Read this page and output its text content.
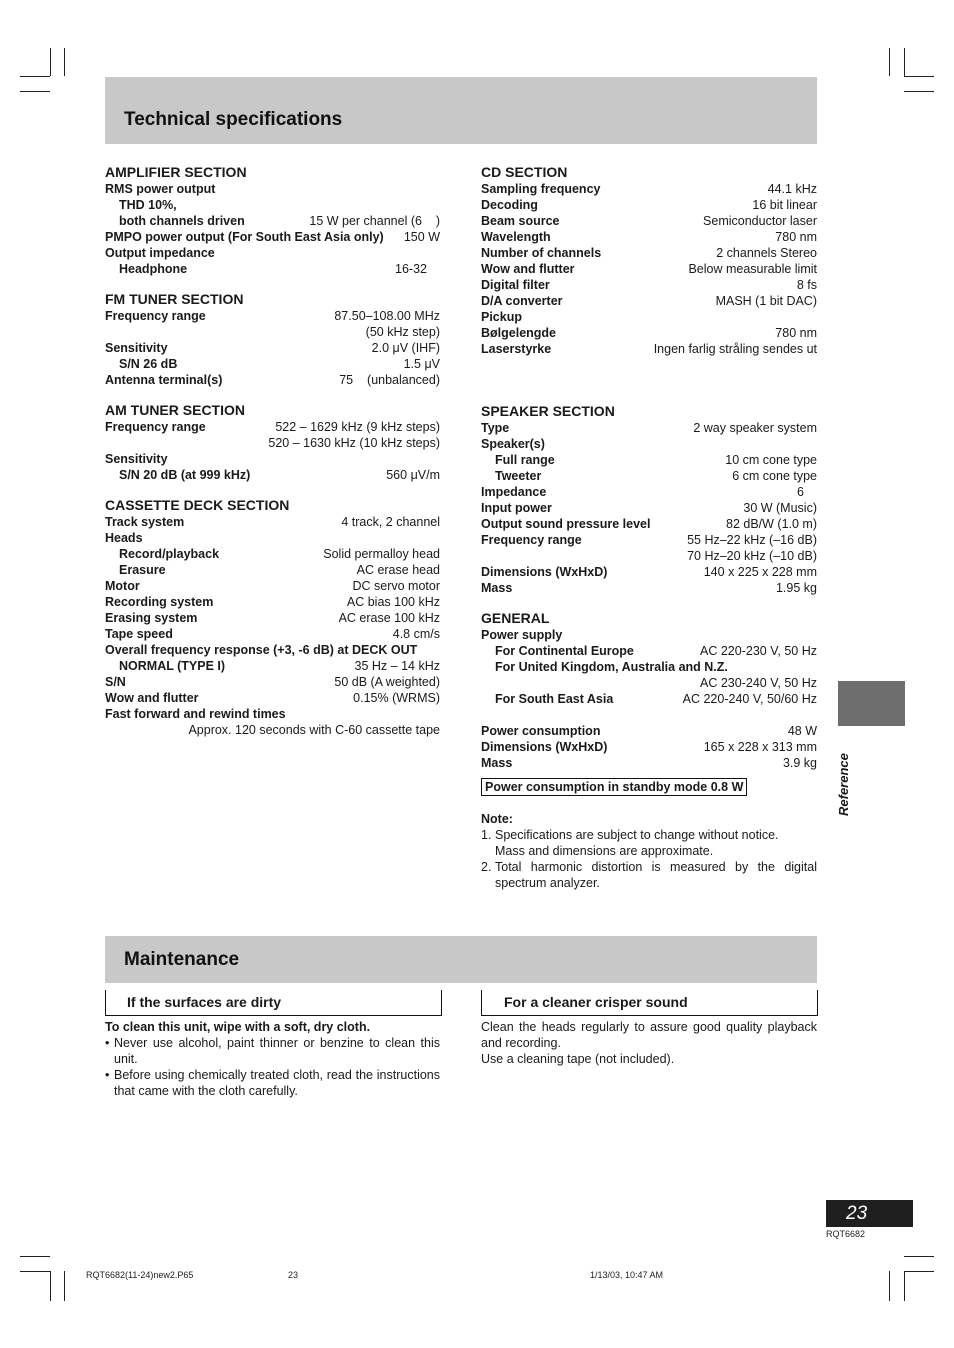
Technical specifications
AMPLIFIER SECTION
RMS power output
THD 10%,
both channels driven	15 W per channel (6    )
PMPO power output (For South East Asia only) 150 W
Output impedance
Headphone	16-32
FM TUNER SECTION
Frequency range	87.50–108.00 MHz
(50 kHz step)
Sensitivity	2.0 μV (IHF)
S/N 26 dB	1.5 μV
Antenna terminal(s)	75    (unbalanced)
AM TUNER SECTION
Frequency range	522 – 1629 kHz (9 kHz steps)
520 – 1630 kHz (10 kHz steps)
Sensitivity
S/N 20 dB (at 999 kHz)	560 μV/m
CASSETTE DECK SECTION
Track system	4 track, 2 channel
Heads
Record/playback	Solid permalloy head
Erasure	AC erase head
Motor	DC servo motor
Recording system	AC bias 100 kHz
Erasing system	AC erase 100 kHz
Tape speed	4.8 cm/s
Overall frequency response (+3, -6 dB) at DECK OUT
NORMAL (TYPE I)	35 Hz – 14 kHz
S/N	50 dB (A weighted)
Wow and flutter	0.15% (WRMS)
Fast forward and rewind times
Approx. 120 seconds with C-60 cassette tape
CD SECTION
Sampling frequency	44.1 kHz
Decoding	16 bit linear
Beam source	Semiconductor laser
Wavelength	780 nm
Number of channels	2 channels Stereo
Wow and flutter	Below measurable limit
Digital filter	8 fs
D/A converter	MASH (1 bit DAC)
Pickup
Bølgelengde	780 nm
Laserstyrke	Ingen farlig stråling sendes ut
SPEAKER SECTION
Type	2 way speaker system
Speaker(s)
Full range	10 cm cone type
Tweeter	6 cm cone type
Impedance	6
Input power	30 W (Music)
Output sound pressure level	82 dB/W (1.0 m)
Frequency range	55 Hz–22 kHz (–16 dB)
70 Hz–20 kHz (–10 dB)
Dimensions (WxHxD)	140 x 225 x 228 mm
Mass	1.95 kg
GENERAL
Power supply
For Continental Europe	AC 220-230 V, 50 Hz
For United Kingdom, Australia and N.Z.
AC 230-240 V, 50 Hz
For South East Asia	AC 220-240 V, 50/60 Hz
Power consumption	48 W
Dimensions (WxHxD)	165 x 228 x 313 mm
Mass	3.9 kg
Power consumption in standby mode 0.8 W
Note:
1. Specifications are subject to change without notice.
Mass and dimensions are approximate.
2. Total harmonic distortion is measured by the digital spectrum analyzer.
Maintenance
If the surfaces are dirty	For a cleaner crisper sound
To clean this unit, wipe with a soft, dry cloth.
• Never use alcohol, paint thinner or benzine to clean this unit.
• Before using chemically treated cloth, read the instructions that came with the cloth carefully.
Clean the heads regularly to assure good quality playback and recording.
Use a cleaning tape (not included).
Reference
23
RQT6682
RQT6682(11-24)new2.P65	23	1/13/03, 10:47 AM
